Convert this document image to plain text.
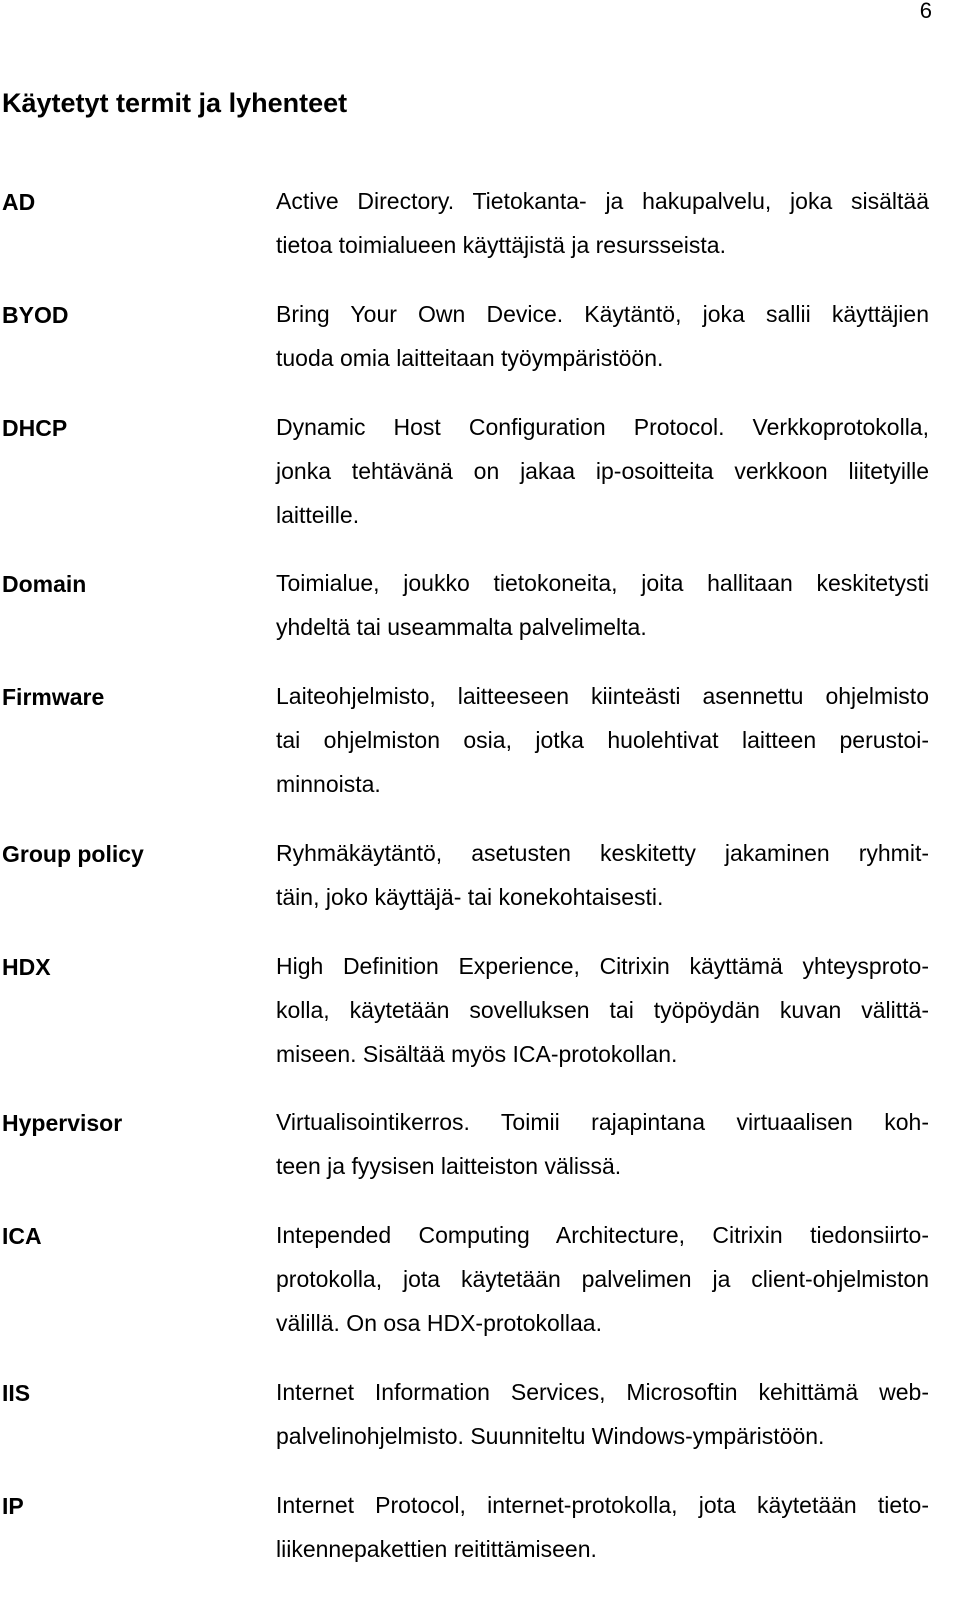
6
Käytetyt termit ja lyhenteet
AD	Active Directory. Tietokanta- ja hakupalvelu, joka sisältää
tietoa toimialueen käyttäjistä ja resursseista.
BYOD	Bring Your Own Device. Käytäntö, joka sallii käyttäjien
tuoda omia laitteitaan työympäristöön.
DHCP	Dynamic Host Configuration Protocol. Verkkoprotokolla,
jonka tehtävänä on jakaa ip-osoitteita verkkoon liitetyille
laitteille.
Domain	Toimialue, joukko tietokoneita, joita hallitaan keskitetysti
yhdeltä tai useammalta palvelimelta.
Firmware	Laiteohjelmisto, laitteeseen kiinteästi asennettu ohjelmisto
tai ohjelmiston osia, jotka huolehtivat laitteen perustoi-
minnoista.
Group policy	Ryhmäkäytäntö, asetusten keskitetty jakaminen ryhmit-
täin, joko käyttäjä- tai konekohtaisesti.
HDX	High Definition Experience, Citrixin käyttämä yhteysproto-
kolla, käytetään sovelluksen tai työpöydän kuvan välittä-
miseen. Sisältää myös ICA-protokollan.
Hypervisor	Virtualisointikerros. Toimii rajapintana virtuaalisen koh-
teen ja fyysisen laitteiston välissä.
ICA	Intepended Computing Architecture, Citrixin tiedonsiirto-
protokolla, jota käytetään palvelimen ja client-ohjelmiston
välillä. On osa HDX-protokollaa.
IIS	Internet Information Services, Microsoftin kehittämä web-
palvelinohjelmisto. Suunniteltu Windows-ympäristöön.
IP	Internet Protocol, internet-protokolla, jota käytetään tieto-
liikennepakettien reitittämiseen.
